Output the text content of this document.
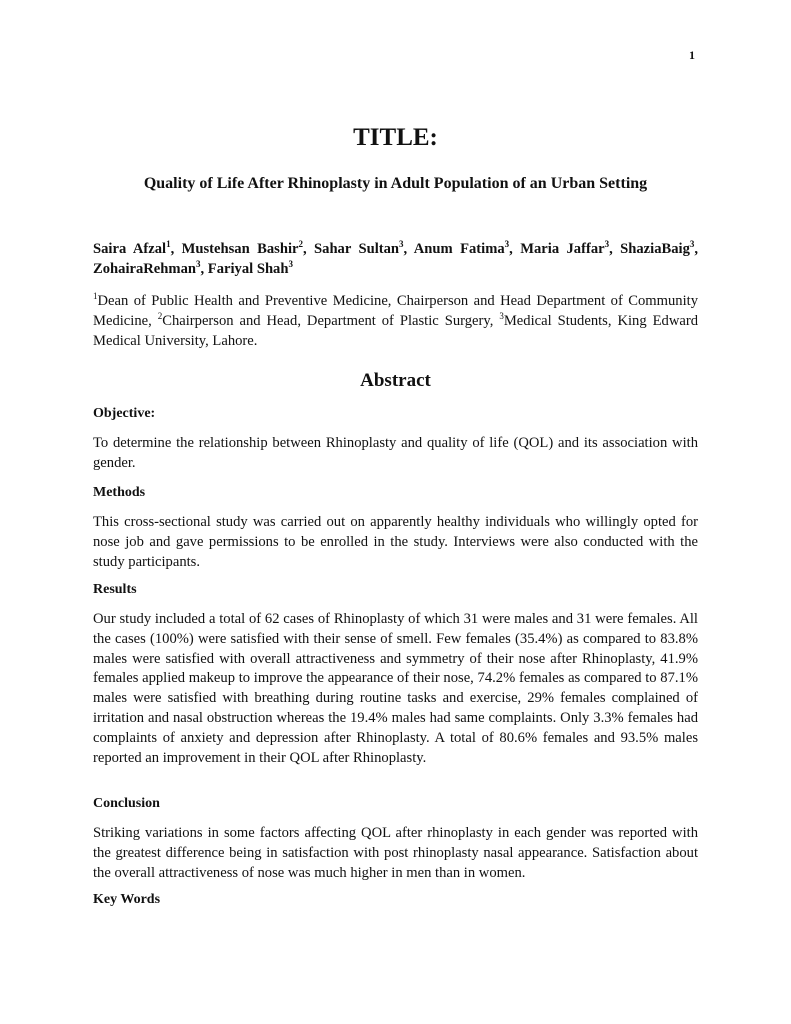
1
TITLE:
Quality of Life After Rhinoplasty in Adult Population of an Urban Setting

Saira Afzal$^1$, Mustehsan Bashir$^2$, Sahar Sultan$^3$, Anum Fatima$^3$, Maria Jaffar$^3$, ShaziaBaig$^3$, ZohairaRehman$^3$, Fariyal Shah$^3$

$^1$Dean of Public Health and Preventive Medicine, Chairperson and Head Department of Community Medicine, $^2$Chairperson and Head, Department of Plastic Surgery, $^3$Medical Students, King Edward Medical University, Lahore.

Abstract
Objective:

To determine the relationship between Rhinoplasty and quality of life (QOL) and its association with gender.

Methods

This cross-sectional study was carried out on apparently healthy individuals who willingly opted for nose job and gave permissions to be enrolled in the study. Interviews were also conducted with the study participants.

Results

Our study included a total of 62 cases of Rhinoplasty of which 31 were males and 31 were females. All the cases (100%) were satisfied with their sense of smell. Few females (35.4%) as compared to 83.8% males were satisfied with overall attractiveness and symmetry of their nose after Rhinoplasty, 41.9% females applied makeup to improve the appearance of their nose, 74.2% females as compared to 87.1% males were satisfied with breathing during routine tasks and exercise, 29% females complained of irritation and nasal obstruction whereas the 19.4% males had same complaints. Only 3.3% females had complaints of anxiety and depression after Rhinoplasty. A total of 80.6% females and 93.5% males reported an improvement in their QOL after Rhinoplasty.

Conclusion

Striking variations in some factors affecting QOL after rhinoplasty in each gender was reported with the greatest difference being in satisfaction with post rhinoplasty nasal appearance. Satisfaction about the overall attractiveness of nose was much higher in men than in women.

Key Words
